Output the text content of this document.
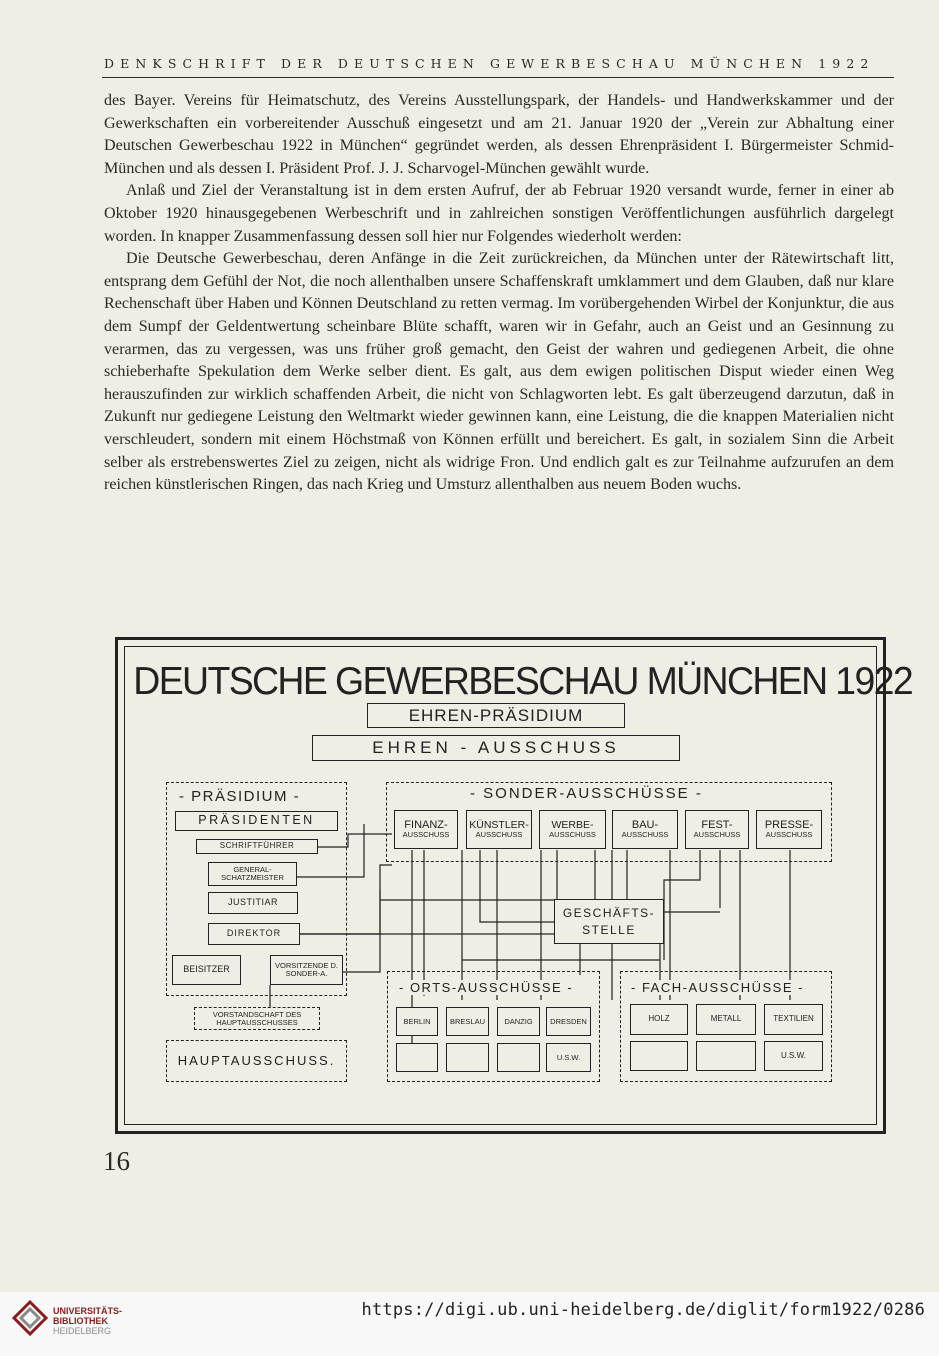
DENKSCHRIFT DER DEUTSCHEN GEWERBESCHAU MÜNCHEN 1922

des Bayer. Vereins für Heimatschutz, des Vereins Ausstellungspark, der Handels- und Handwerkskammer und der Gewerkschaften ein vorbereitender Ausschuß eingesetzt und am 21. Januar 1920 der „Verein zur Abhaltung einer Deutschen Gewerbeschau 1922 in München“ gegründet werden, als dessen Ehrenpräsident I. Bürgermeister Schmid-München und als dessen I. Präsident Prof. J. J. Scharvogel-München gewählt wurde.

Anlaß und Ziel der Veranstaltung ist in dem ersten Aufruf, der ab Februar 1920 versandt wurde, ferner in einer ab Oktober 1920 hinausgegebenen Werbeschrift und in zahlreichen sonstigen Veröffentlichungen ausführlich dargelegt worden. In knapper Zusammenfassung dessen soll hier nur Folgendes wiederholt werden:

Die Deutsche Gewerbeschau, deren Anfänge in die Zeit zurückreichen, da München unter der Rätewirtschaft litt, entsprang dem Gefühl der Not, die noch allenthalben unsere Schaffenskraft umklammert und dem Glauben, daß nur klare Rechenschaft über Haben und Können Deutschland zu retten vermag. Im vorübergehenden Wirbel der Konjunktur, die aus dem Sumpf der Geldentwertung scheinbare Blüte schafft, waren wir in Gefahr, auch an Geist und an Gesinnung zu verarmen, das zu vergessen, was uns früher groß gemacht, den Geist der wahren und gediegenen Arbeit, die ohne schieberhafte Spekulation dem Werke selber dient. Es galt, aus dem ewigen politischen Disput wieder einen Weg herauszufinden zur wirklich schaffenden Arbeit, die nicht von Schlagworten lebt. Es galt überzeugend darzutun, daß in Zukunft nur gediegene Leistung den Weltmarkt wieder gewinnen kann, eine Leistung, die die knappen Materialien nicht verschleudert, sondern mit einem Höchstmaß von Können erfüllt und bereichert. Es galt, in sozialem Sinn die Arbeit selber als erstrebenswertes Ziel zu zeigen, nicht als widrige Fron. Und endlich galt es zur Teilnahme aufzurufen an dem reichen künstlerischen Ringen, das nach Krieg und Umsturz allenthalben aus neuem Boden wuchs.

DEUTSCHE GEWERBESCHAU MÜNCHEN 1922
EHREN-PRÄSIDIUM
EHREN - AUSSCHUSS
- PRÄSIDIUM -
PRÄSIDENTEN
SCHRIFTFÜHRER
GENERAL-SCHATZMEISTER
JUSTITIAR
DIREKTOR
BEISITZER	VORSITZENDE D. SONDER-A.
VORSTANDSCHAFT DES HAUPTAUSSCHUSSES
HAUPTAUSSCHUSS.
- SONDER-AUSSCHÜSSE -
FINANZ-
AUSSCHUSS
KÜNSTLER-
AUSSCHUSS
WERBE-
AUSSCHUSS
BAU-
AUSSCHUSS
FEST-
AUSSCHUSS
PRESSE-
AUSSCHUSS
GESCHÄFTS-
STELLE
- ORTS-AUSSCHÜSSE -
BERLIN	BRESLAU	DANZIG	DRESDEN
U.S.W.
- FACH-AUSSCHÜSSE -
HOLZ	METALL	TEXTILIEN
U.S.W.
16
UNIVERSITÄTS-
BIBLIOTHEK
HEIDELBERG
https://digi.ub.uni-heidelberg.de/diglit/form1922/0286
